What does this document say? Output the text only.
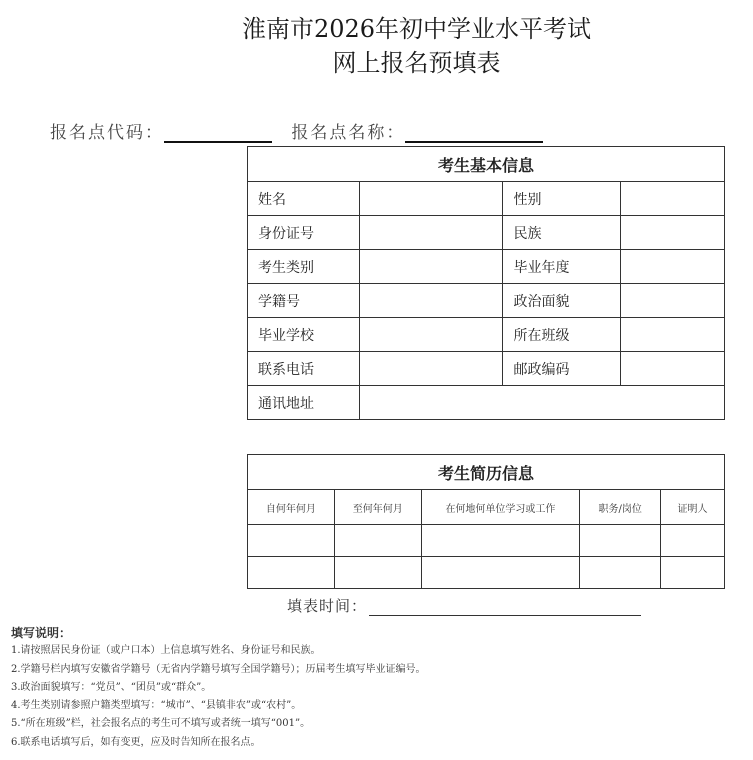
淮南市2026年初中学业水平考试
网上报名预填表
报名点代码：	报名点名称：
考生基本信息			
姓名		性别	
身份证号		民族	
考生类别		毕业年度	
学籍号		政治面貌	
毕业学校		所在班级	
联系电话		邮政编码	
通讯地址			
考生简历信息				
自何年何月	至何年何月	在何地何单位学习或工作	职务/岗位	证明人

填表时间：
填写说明：
1.请按照居民身份证（或户口本）上信息填写姓名、身份证号和民族。
2.学籍号栏内填写安徽省学籍号（无省内学籍号填写全国学籍号）；历届考生填写毕业证编号。
3.政治面貌填写：“党员”、“团员”或“群众”。
4.考生类别请参照户籍类型填写：“城市”、“县镇非农”或“农村”。
5.“所在班级”栏，社会报名点的考生可不填写或者统一填写“001”。
6.联系电话填写后，如有变更，应及时告知所在报名点。
